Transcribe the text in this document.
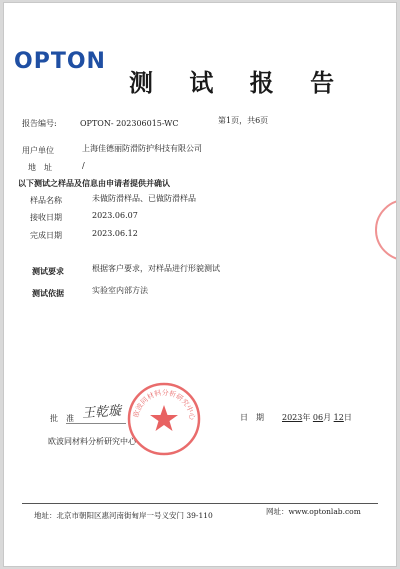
OPTON
测 试 报 告
报告编号:	OPTON- 202306015-WC	第1页，共6页
用户单位	上海佳德丽防滑防护科技有限公司
地　址	/
以下测试之样品及信息由申请者提供并确认
样品名称	未做防滑样品、已做防滑样品
接收日期	2023.06.07
完成日期	2023.06.12
测试要求	根据客户要求，对样品进行形貌测试
测试依据	实验室内部方法
批　准 王乾璇
欧波同材料分析研究中心
日　期 2023年 06月 12日
欧波同材料分析研究中心
地址：北京市朝阳区惠河南街甸岸一号义安门 39-110	网址：www.optonlab.com
